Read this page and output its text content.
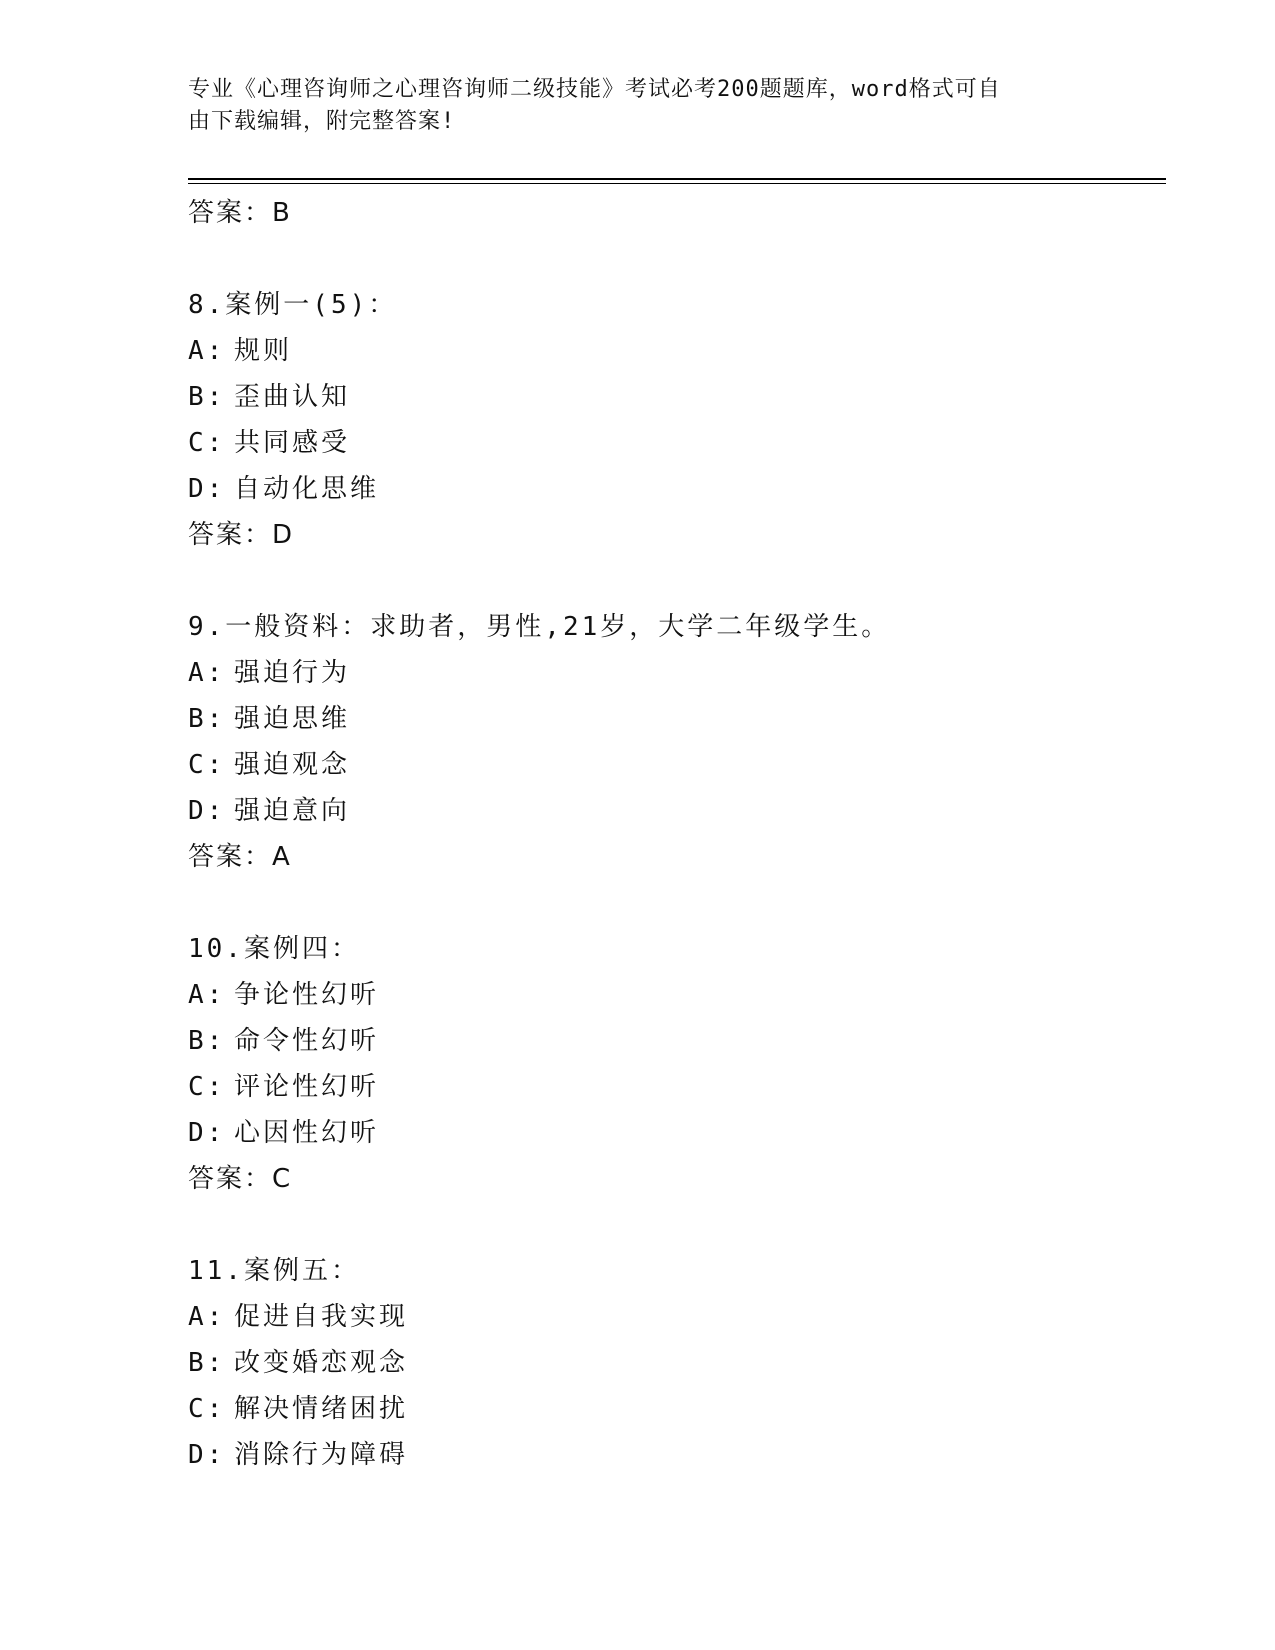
专业《心理咨询师之心理咨询师二级技能》考试必考200题题库，word格式可自
由下载编辑，附完整答案!
答案：B
8.案例一(5)：
A: 规则
B: 歪曲认知
C: 共同感受
D: 自动化思维
答案：D
9.一般资料：求助者，男性,21岁，大学二年级学生。
A: 强迫行为
B: 强迫思维
C: 强迫观念
D: 强迫意向
答案：A
10.案例四：
A: 争论性幻听
B: 命令性幻听
C: 评论性幻听
D: 心因性幻听
答案：C
11.案例五：
A: 促进自我实现
B: 改变婚恋观念
C: 解决情绪困扰
D: 消除行为障碍
